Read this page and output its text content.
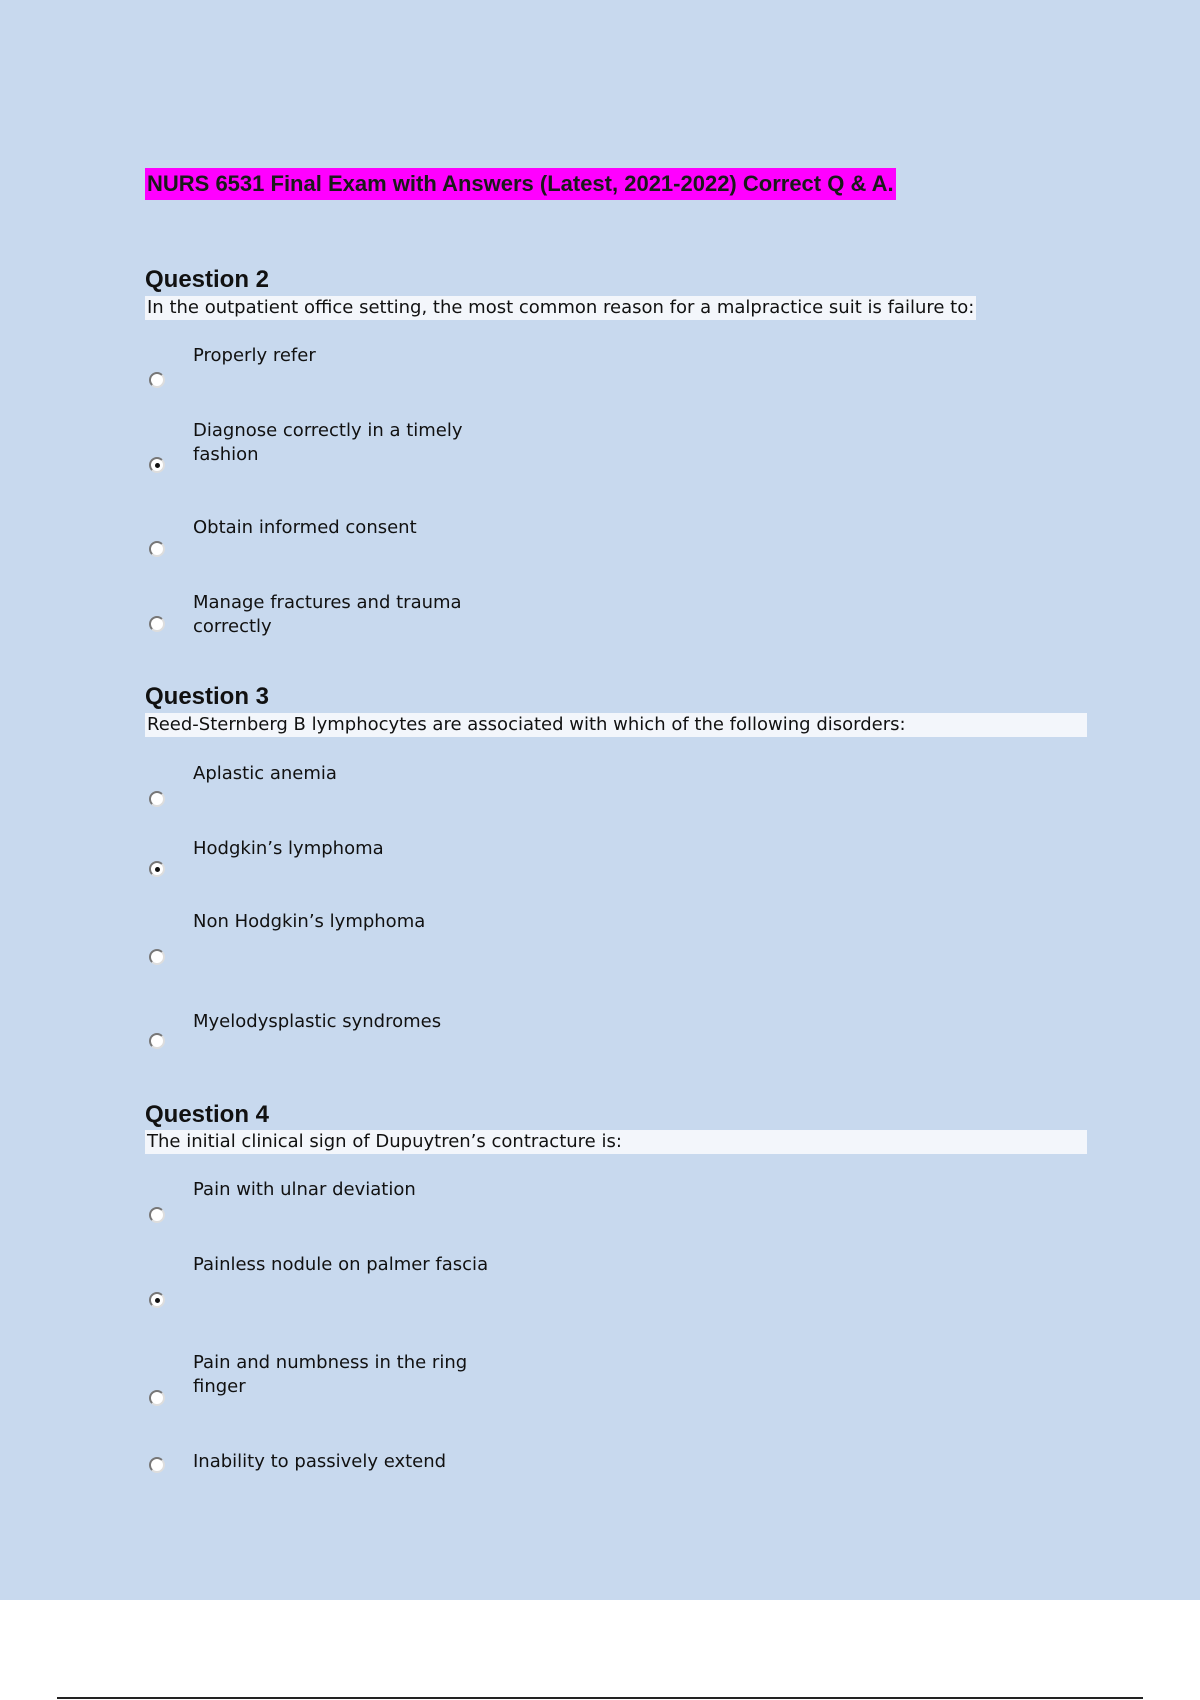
NURS 6531 Final Exam with Answers (Latest, 2021-2022) Correct Q & A.
Question 2
In the outpatient office setting, the most common reason for a malpractice suit is failure to:
Properly refer
Diagnose correctly in a timely fashion
Obtain informed consent
Manage fractures and trauma correctly
Question 3
Reed-Sternberg B lymphocytes are associated with which of the following disorders:
Aplastic anemia
Hodgkin’s lymphoma
Non Hodgkin’s lymphoma
Myelodysplastic syndromes
Question 4
The initial clinical sign of Dupuytren’s contracture is:
Pain with ulnar deviation
Painless nodule on palmer fascia
Pain and numbness in the ring finger
Inability to passively extend
